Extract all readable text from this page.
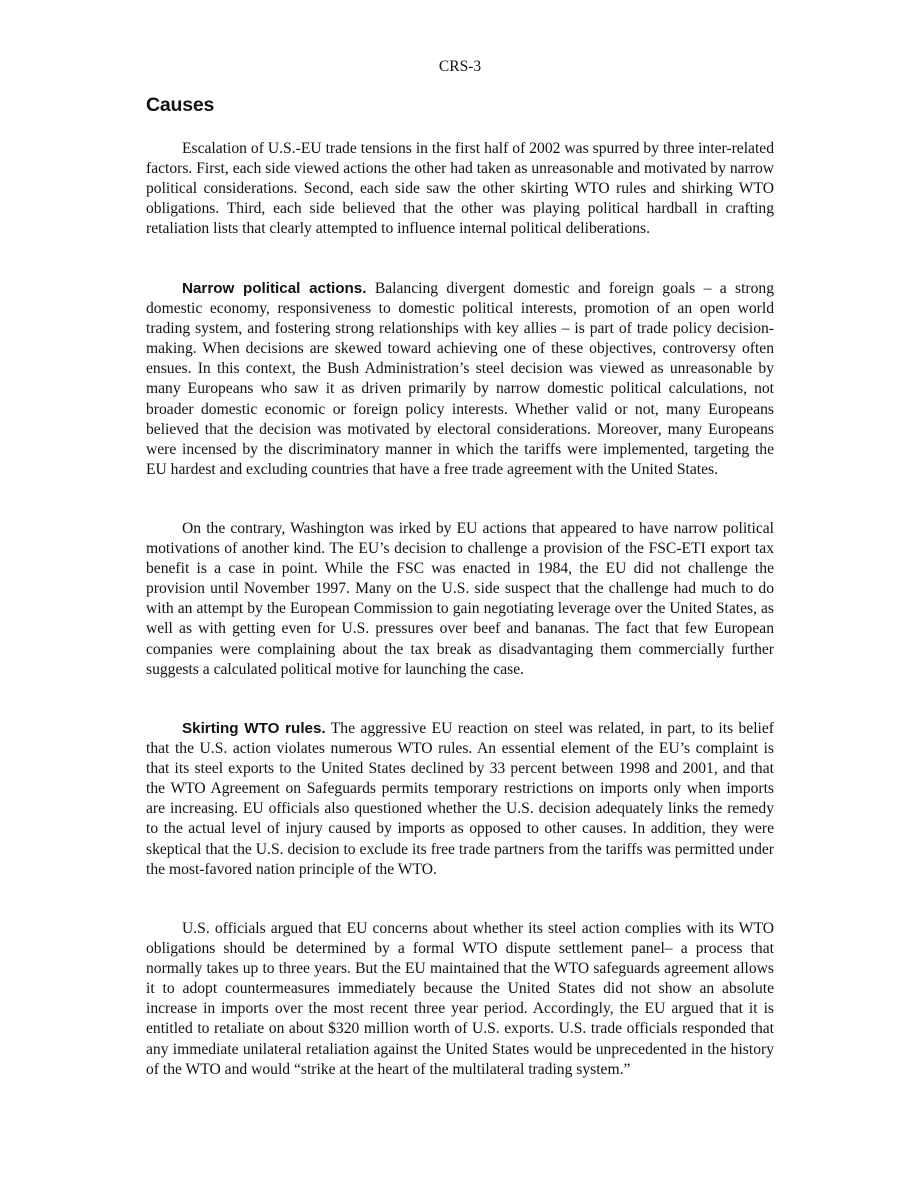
CRS-3
Causes

Escalation of U.S.-EU trade tensions in the first half of 2002 was spurred by three inter-related factors. First, each side viewed actions the other had taken as unreasonable and motivated by narrow political considerations. Second, each side saw the other skirting WTO rules and shirking WTO obligations. Third, each side believed that the other was playing political hardball in crafting retaliation lists that clearly attempted to influence internal political deliberations.

Narrow political actions. Balancing divergent domestic and foreign goals – a strong domestic economy, responsiveness to domestic political interests, promotion of an open world trading system, and fostering strong relationships with key allies – is part of trade policy decision-making. When decisions are skewed toward achieving one of these objectives, controversy often ensues. In this context, the Bush Administration’s steel decision was viewed as unreasonable by many Europeans who saw it as driven primarily by narrow domestic political calculations, not broader domestic economic or foreign policy interests. Whether valid or not, many Europeans believed that the decision was motivated by electoral considerations. Moreover, many Europeans were incensed by the discriminatory manner in which the tariffs were implemented, targeting the EU hardest and excluding countries that have a free trade agreement with the United States.

On the contrary, Washington was irked by EU actions that appeared to have narrow political motivations of another kind. The EU’s decision to challenge a provision of the FSC-ETI export tax benefit is a case in point. While the FSC was enacted in 1984, the EU did not challenge the provision until November 1997. Many on the U.S. side suspect that the challenge had much to do with an attempt by the European Commission to gain negotiating leverage over the United States, as well as with getting even for U.S. pressures over beef and bananas. The fact that few European companies were complaining about the tax break as disadvantaging them commercially further suggests a calculated political motive for launching the case.

Skirting WTO rules. The aggressive EU reaction on steel was related, in part, to its belief that the U.S. action violates numerous WTO rules. An essential element of the EU’s complaint is that its steel exports to the United States declined by 33 percent between 1998 and 2001, and that the WTO Agreement on Safeguards permits temporary restrictions on imports only when imports are increasing. EU officials also questioned whether the U.S. decision adequately links the remedy to the actual level of injury caused by imports as opposed to other causes. In addition, they were skeptical that the U.S. decision to exclude its free trade partners from the tariffs was permitted under the most-favored nation principle of the WTO.

U.S. officials argued that EU concerns about whether its steel action complies with its WTO obligations should be determined by a formal WTO dispute settlement panel– a process that normally takes up to three years. But the EU maintained that the WTO safeguards agreement allows it to adopt countermeasures immediately because the United States did not show an absolute increase in imports over the most recent three year period. Accordingly, the EU argued that it is entitled to retaliate on about $320 million worth of U.S. exports. U.S. trade officials responded that any immediate unilateral retaliation against the United States would be unprecedented in the history of the WTO and would “strike at the heart of the multilateral trading system.”
